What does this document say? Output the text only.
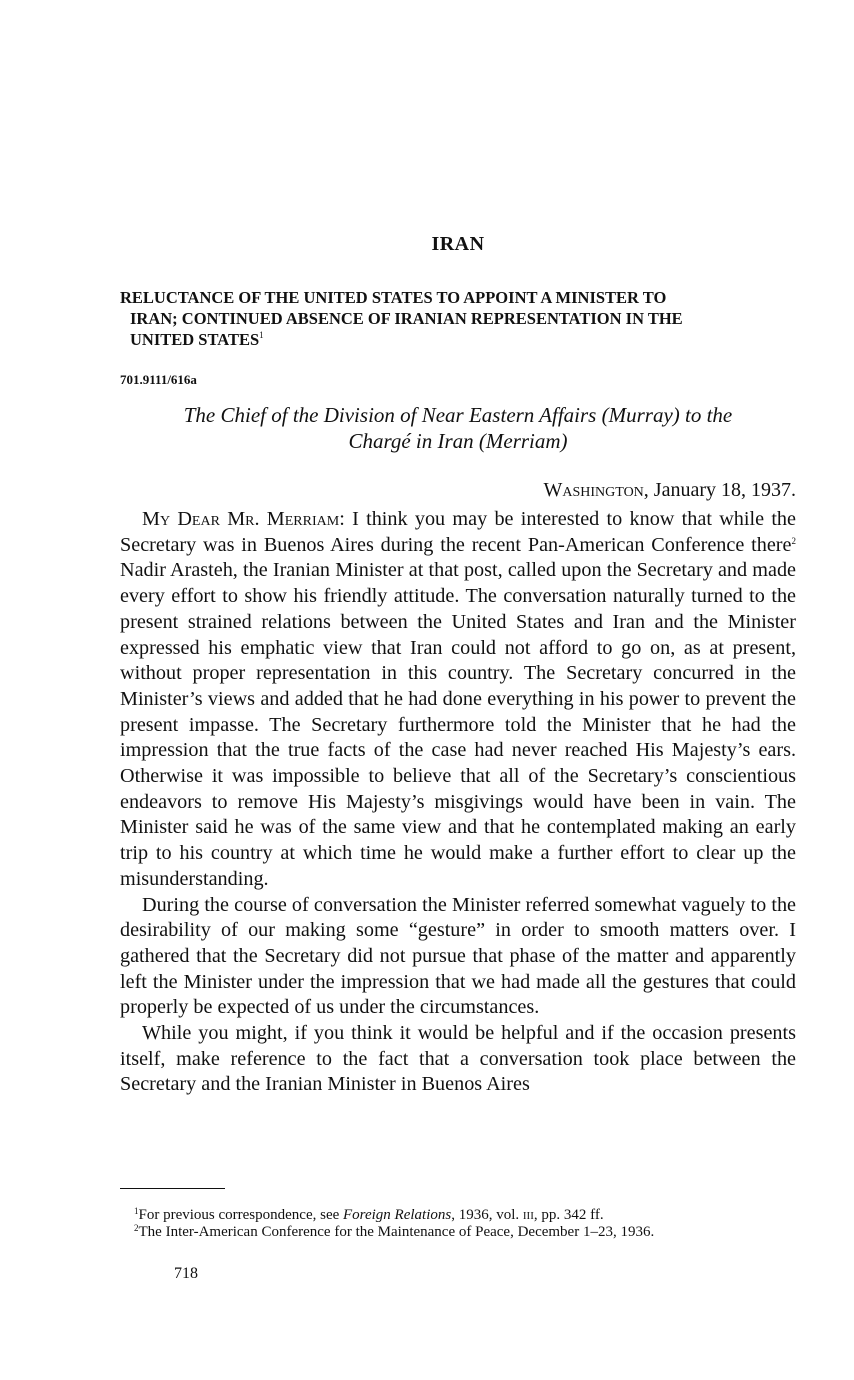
IRAN
RELUCTANCE OF THE UNITED STATES TO APPOINT A MINISTER TO
IRAN; CONTINUED ABSENCE OF IRANIAN REPRESENTATION IN THE
UNITED STATES$^1$
701.9111/616a
The Chief of the Division of Near Eastern Affairs (Murray) to the
Chargé in Iran (Merriam)
Washington, January 18, 1937.

My Dear Mr. Merriam: I think you may be interested to know that while the Secretary was in Buenos Aires during the recent Pan-American Conference there$^2$ Nadir Arasteh, the Iranian Minister at that post, called upon the Secretary and made every effort to show his friendly attitude. The conversation naturally turned to the present strained relations between the United States and Iran and the Minister expressed his emphatic view that Iran could not afford to go on, as at present, without proper representation in this country. The Secretary concurred in the Minister’s views and added that he had done everything in his power to prevent the present impasse. The Secretary furthermore told the Minister that he had the impression that the true facts of the case had never reached His Majesty’s ears. Otherwise it was impossible to believe that all of the Secretary’s conscientious endeavors to remove His Majesty’s misgivings would have been in vain. The Minister said he was of the same view and that he contemplated making an early trip to his country at which time he would make a further effort to clear up the misunderstanding.

During the course of conversation the Minister referred somewhat vaguely to the desirability of our making some “gesture” in order to smooth matters over. I gathered that the Secretary did not pursue that phase of the matter and apparently left the Minister under the impression that we had made all the gestures that could properly be expected of us under the circumstances.

While you might, if you think it would be helpful and if the occasion presents itself, make reference to the fact that a conversation took place between the Secretary and the Iranian Minister in Buenos Aires

$^1$For previous correspondence, see Foreign Relations, 1936, vol. iii, pp. 342 ff.

$^2$The Inter-American Conference for the Maintenance of Peace, December 1–23, 1936.

718
